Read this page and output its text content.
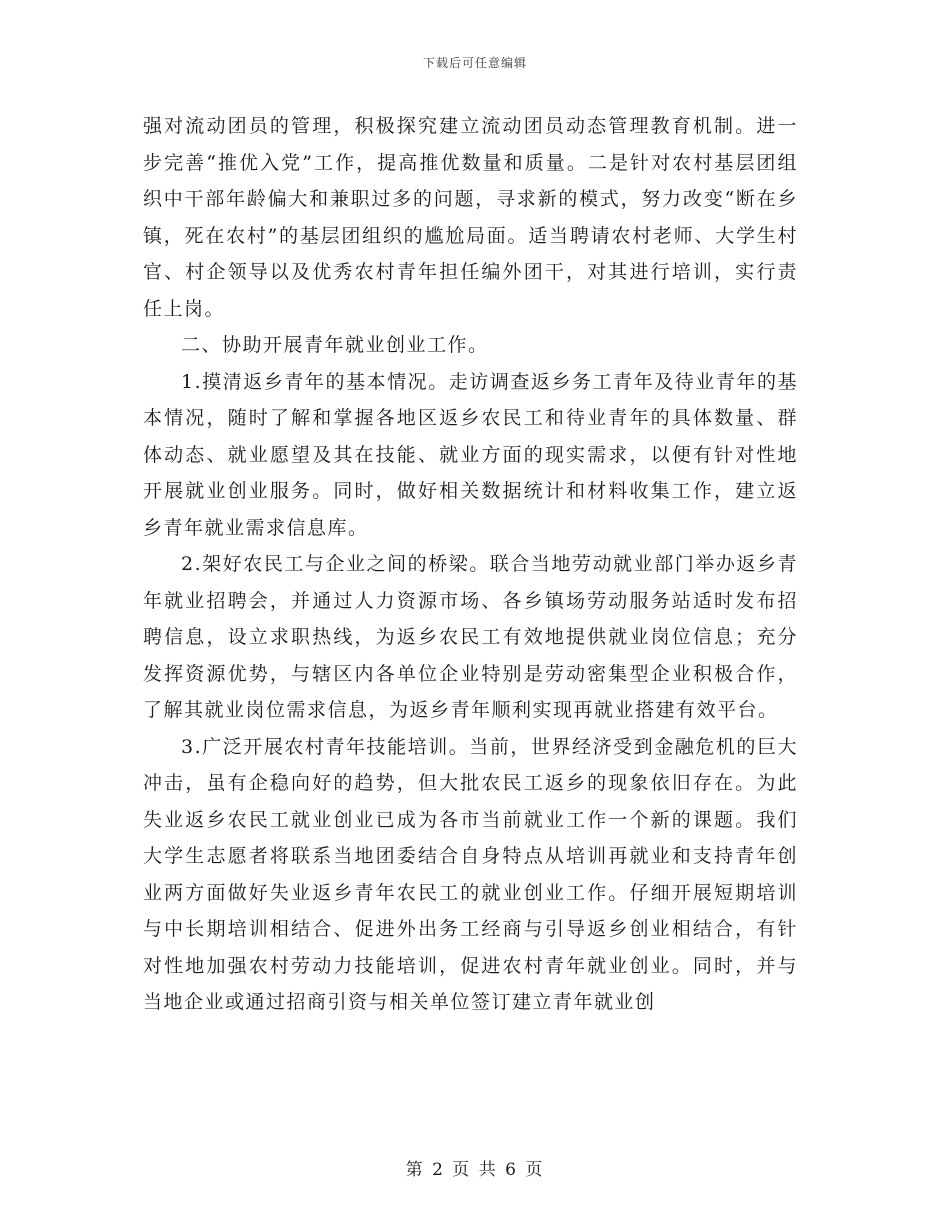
下载后可任意编辑

强对流动团员的管理，积极探究建立流动团员动态管理教育机制。进一步完善“推优入党”工作，提高推优数量和质量。二是针对农村基层团组织中干部年龄偏大和兼职过多的问题，寻求新的模式，努力改变“断在乡镇，死在农村”的基层团组织的尴尬局面。适当聘请农村老师、大学生村官、村企领导以及优秀农村青年担任编外团干，对其进行培训，实行责任上岗。

二、协助开展青年就业创业工作。

1.摸清返乡青年的基本情况。走访调查返乡务工青年及待业青年的基本情况，随时了解和掌握各地区返乡农民工和待业青年的具体数量、群体动态、就业愿望及其在技能、就业方面的现实需求，以便有针对性地开展就业创业服务。同时，做好相关数据统计和材料收集工作，建立返乡青年就业需求信息库。

2.架好农民工与企业之间的桥梁。联合当地劳动就业部门举办返乡青年就业招聘会，并通过人力资源市场、各乡镇场劳动服务站适时发布招聘信息，设立求职热线，为返乡农民工有效地提供就业岗位信息；充分发挥资源优势，与辖区内各单位企业特别是劳动密集型企业积极合作，了解其就业岗位需求信息，为返乡青年顺利实现再就业搭建有效平台。

3.广泛开展农村青年技能培训。当前，世界经济受到金融危机的巨大冲击，虽有企稳向好的趋势，但大批农民工返乡的现象依旧存在。为此失业返乡农民工就业创业已成为各市当前就业工作一个新的课题。我们大学生志愿者将联系当地团委结合自身特点从培训再就业和支持青年创业两方面做好失业返乡青年农民工的就业创业工作。仔细开展短期培训与中长期培训相结合、促进外出务工经商与引导返乡创业相结合，有针对性地加强农村劳动力技能培训，促进农村青年就业创业。同时，并与当地企业或通过招商引资与相关单位签订建立青年就业创

第 2 页 共 6 页
